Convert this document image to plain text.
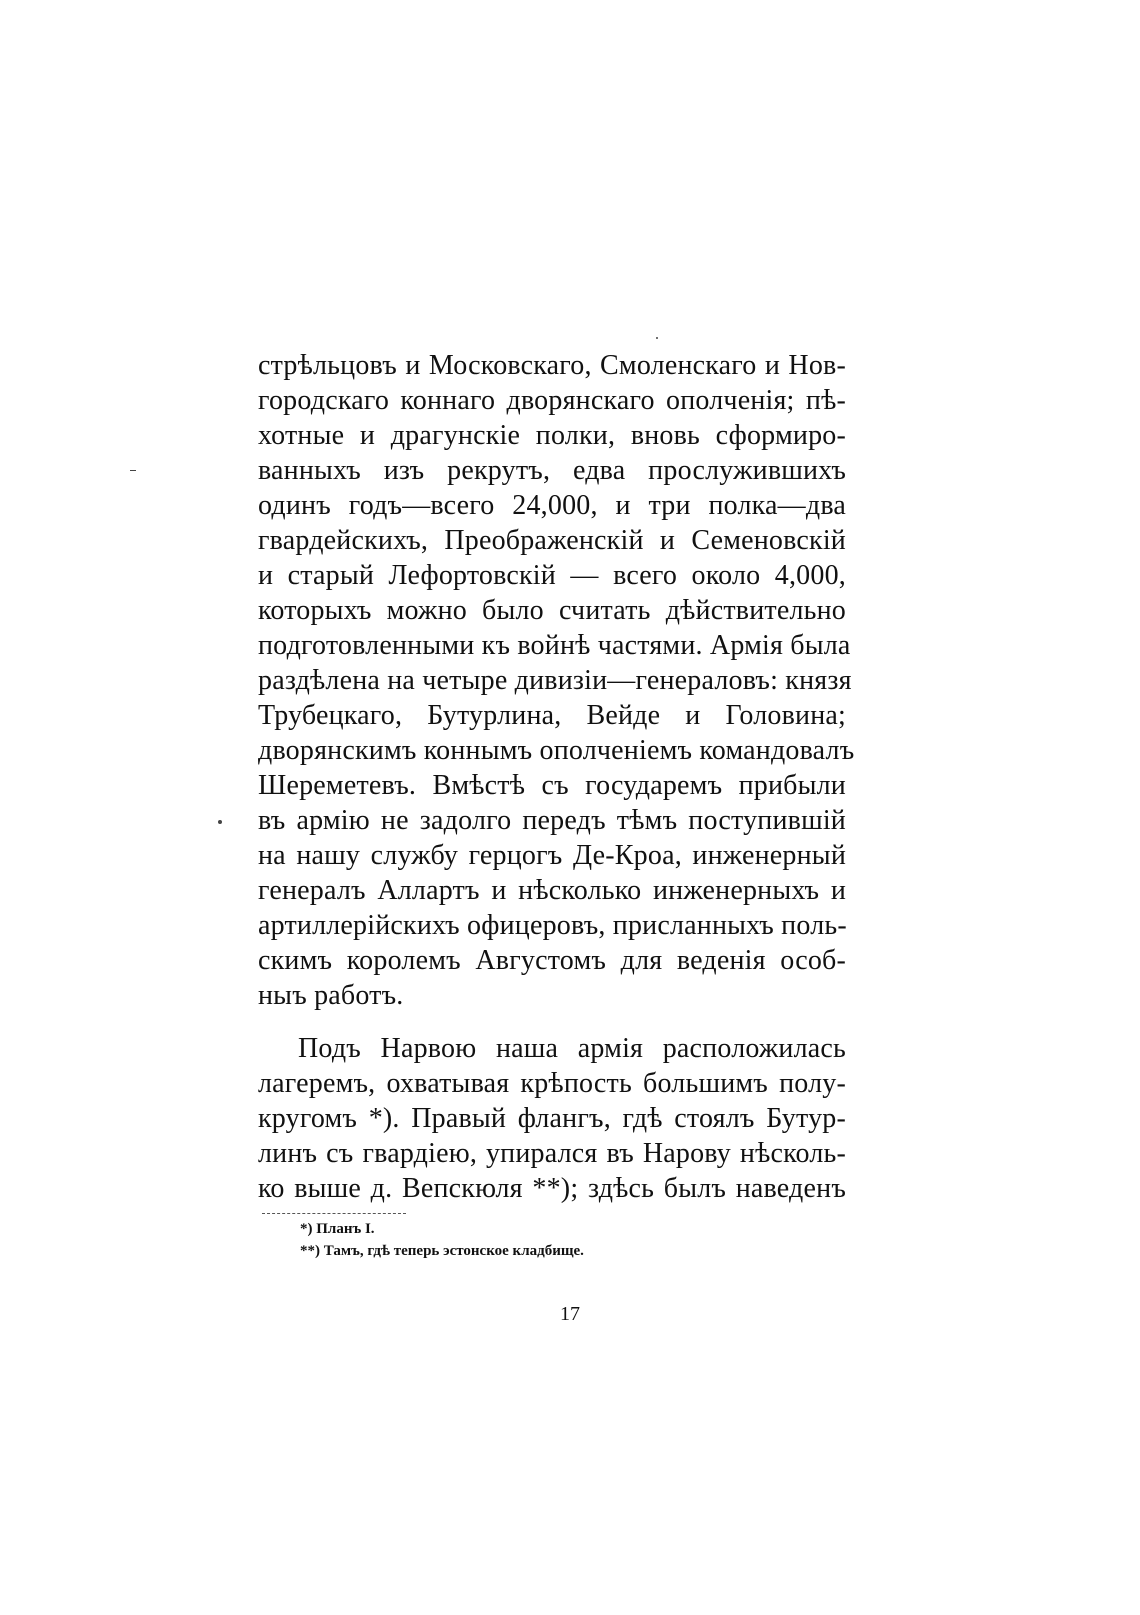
стрѣльцовъ и Московскаго, Смоленскаго и Нов-
городскаго коннаго дворянскаго ополченія; пѣ-
хотные и драгунскіе полки, вновь сформиро-
ванныхъ изъ рекрутъ, едва прослужившихъ
одинъ годъ—всего 24,000, и три полка—два
гвардейскихъ, Преображенскій и Семеновскій
и старый Лефортовскій — всего около 4,000,
которыхъ можно было считать дѣйствительно
подготовленными къ войнѣ частями. Армія была
раздѣлена на четыре дивизіи—генераловъ: князя
Трубецкаго, Бутурлина, Вейде и Головина;
дворянскимъ коннымъ ополченіемъ командовалъ
Шереметевъ. Вмѣстѣ съ государемъ прибыли
въ армію не задолго передъ тѣмъ поступившій
на нашу службу герцогъ Де-Кроа, инженерный
генералъ Аллартъ и нѣсколько инженерныхъ и
артиллерійскихъ офицеровъ, присланныхъ поль-
скимъ королемъ Августомъ для веденія особ-
ныъ работъ.
Подъ Нарвою наша армія расположилась
лагеремъ, охватывая крѣпость большимъ полу-
кругомъ *). Правый флангъ, гдѣ стоялъ Бутур-
линъ съ гвардіею, упирался въ Нарову нѣсколь-
ко выше д. Вепскюля **); здѣсь былъ наведенъ
*) Планъ I.
**) Тамъ, гдѣ теперь эстонское кладбище.
17
